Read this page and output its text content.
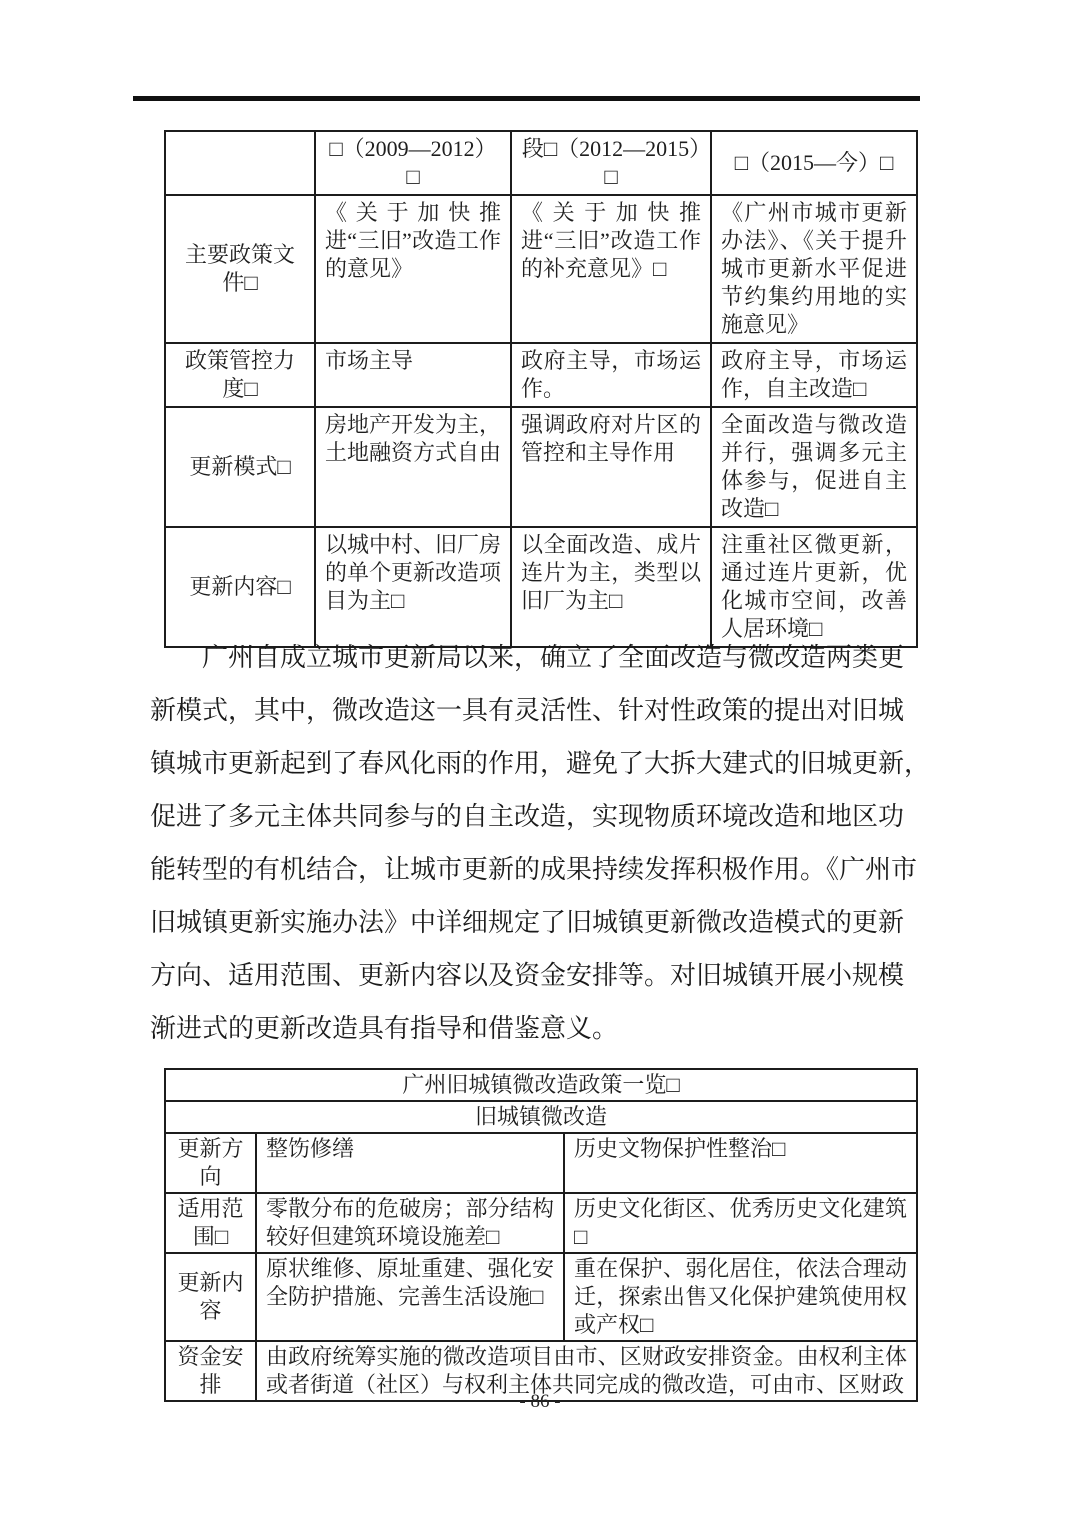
	□（2009—2012）□	段□（2012—2015）□	□（2015—今）□
主要政策文件□	《关于加快推进“三旧”改造工作的意见》	《关于加快推进“三旧”改造工作的补充意见》□	《广州市城市更新办法》、《关于提升城市更新水平促进节约集约用地的实施意见》
政策管控力度□	市场主导	政府主导，市场运作。	政府主导，市场运作，自主改造□
更新模式□	房地产开发为主，土地融资方式自由	强调政府对片区的管控和主导作用	全面改造与微改造并行，强调多元主体参与，促进自主改造□
更新内容□	以城中村、旧厂房的单个更新改造项目为主□	以全面改造、成片连片为主，类型以旧厂为主□	注重社区微更新，通过连片更新，优化城市空间，改善人居环境□
广州自成立城市更新局以来，确立了全面改造与微改造两类更
新模式，其中，微改造这一具有灵活性、针对性政策的提出对旧城
镇城市更新起到了春风化雨的作用，避免了大拆大建式的旧城更新，
促进了多元主体共同参与的自主改造，实现物质环境改造和地区功
能转型的有机结合，让城市更新的成果持续发挥积极作用。《广州市
旧城镇更新实施办法》中详细规定了旧城镇更新微改造模式的更新
方向、适用范围、更新内容以及资金安排等。对旧城镇开展小规模
渐进式的更新改造具有指导和借鉴意义。
广州旧城镇微改造政策一览□		
旧城镇微改造		
更新方向	整饬修缮	历史文物保护性整治□
适用范围□	零散分布的危破房；部分结构较好但建筑环境设施差□	历史文化街区、优秀历史文化建筑□
更新内容	原状维修、原址重建、强化安全防护措施、完善生活设施□	重在保护、弱化居住，依法合理动迁，探索出售又化保护建筑使用权或产权□
资金安排	由政府统筹实施的微改造项目由市、区财政安排资金。由权利主体或者街道（社区）与权利主体共同完成的微改造，可由市、区财政	
- 86 -
